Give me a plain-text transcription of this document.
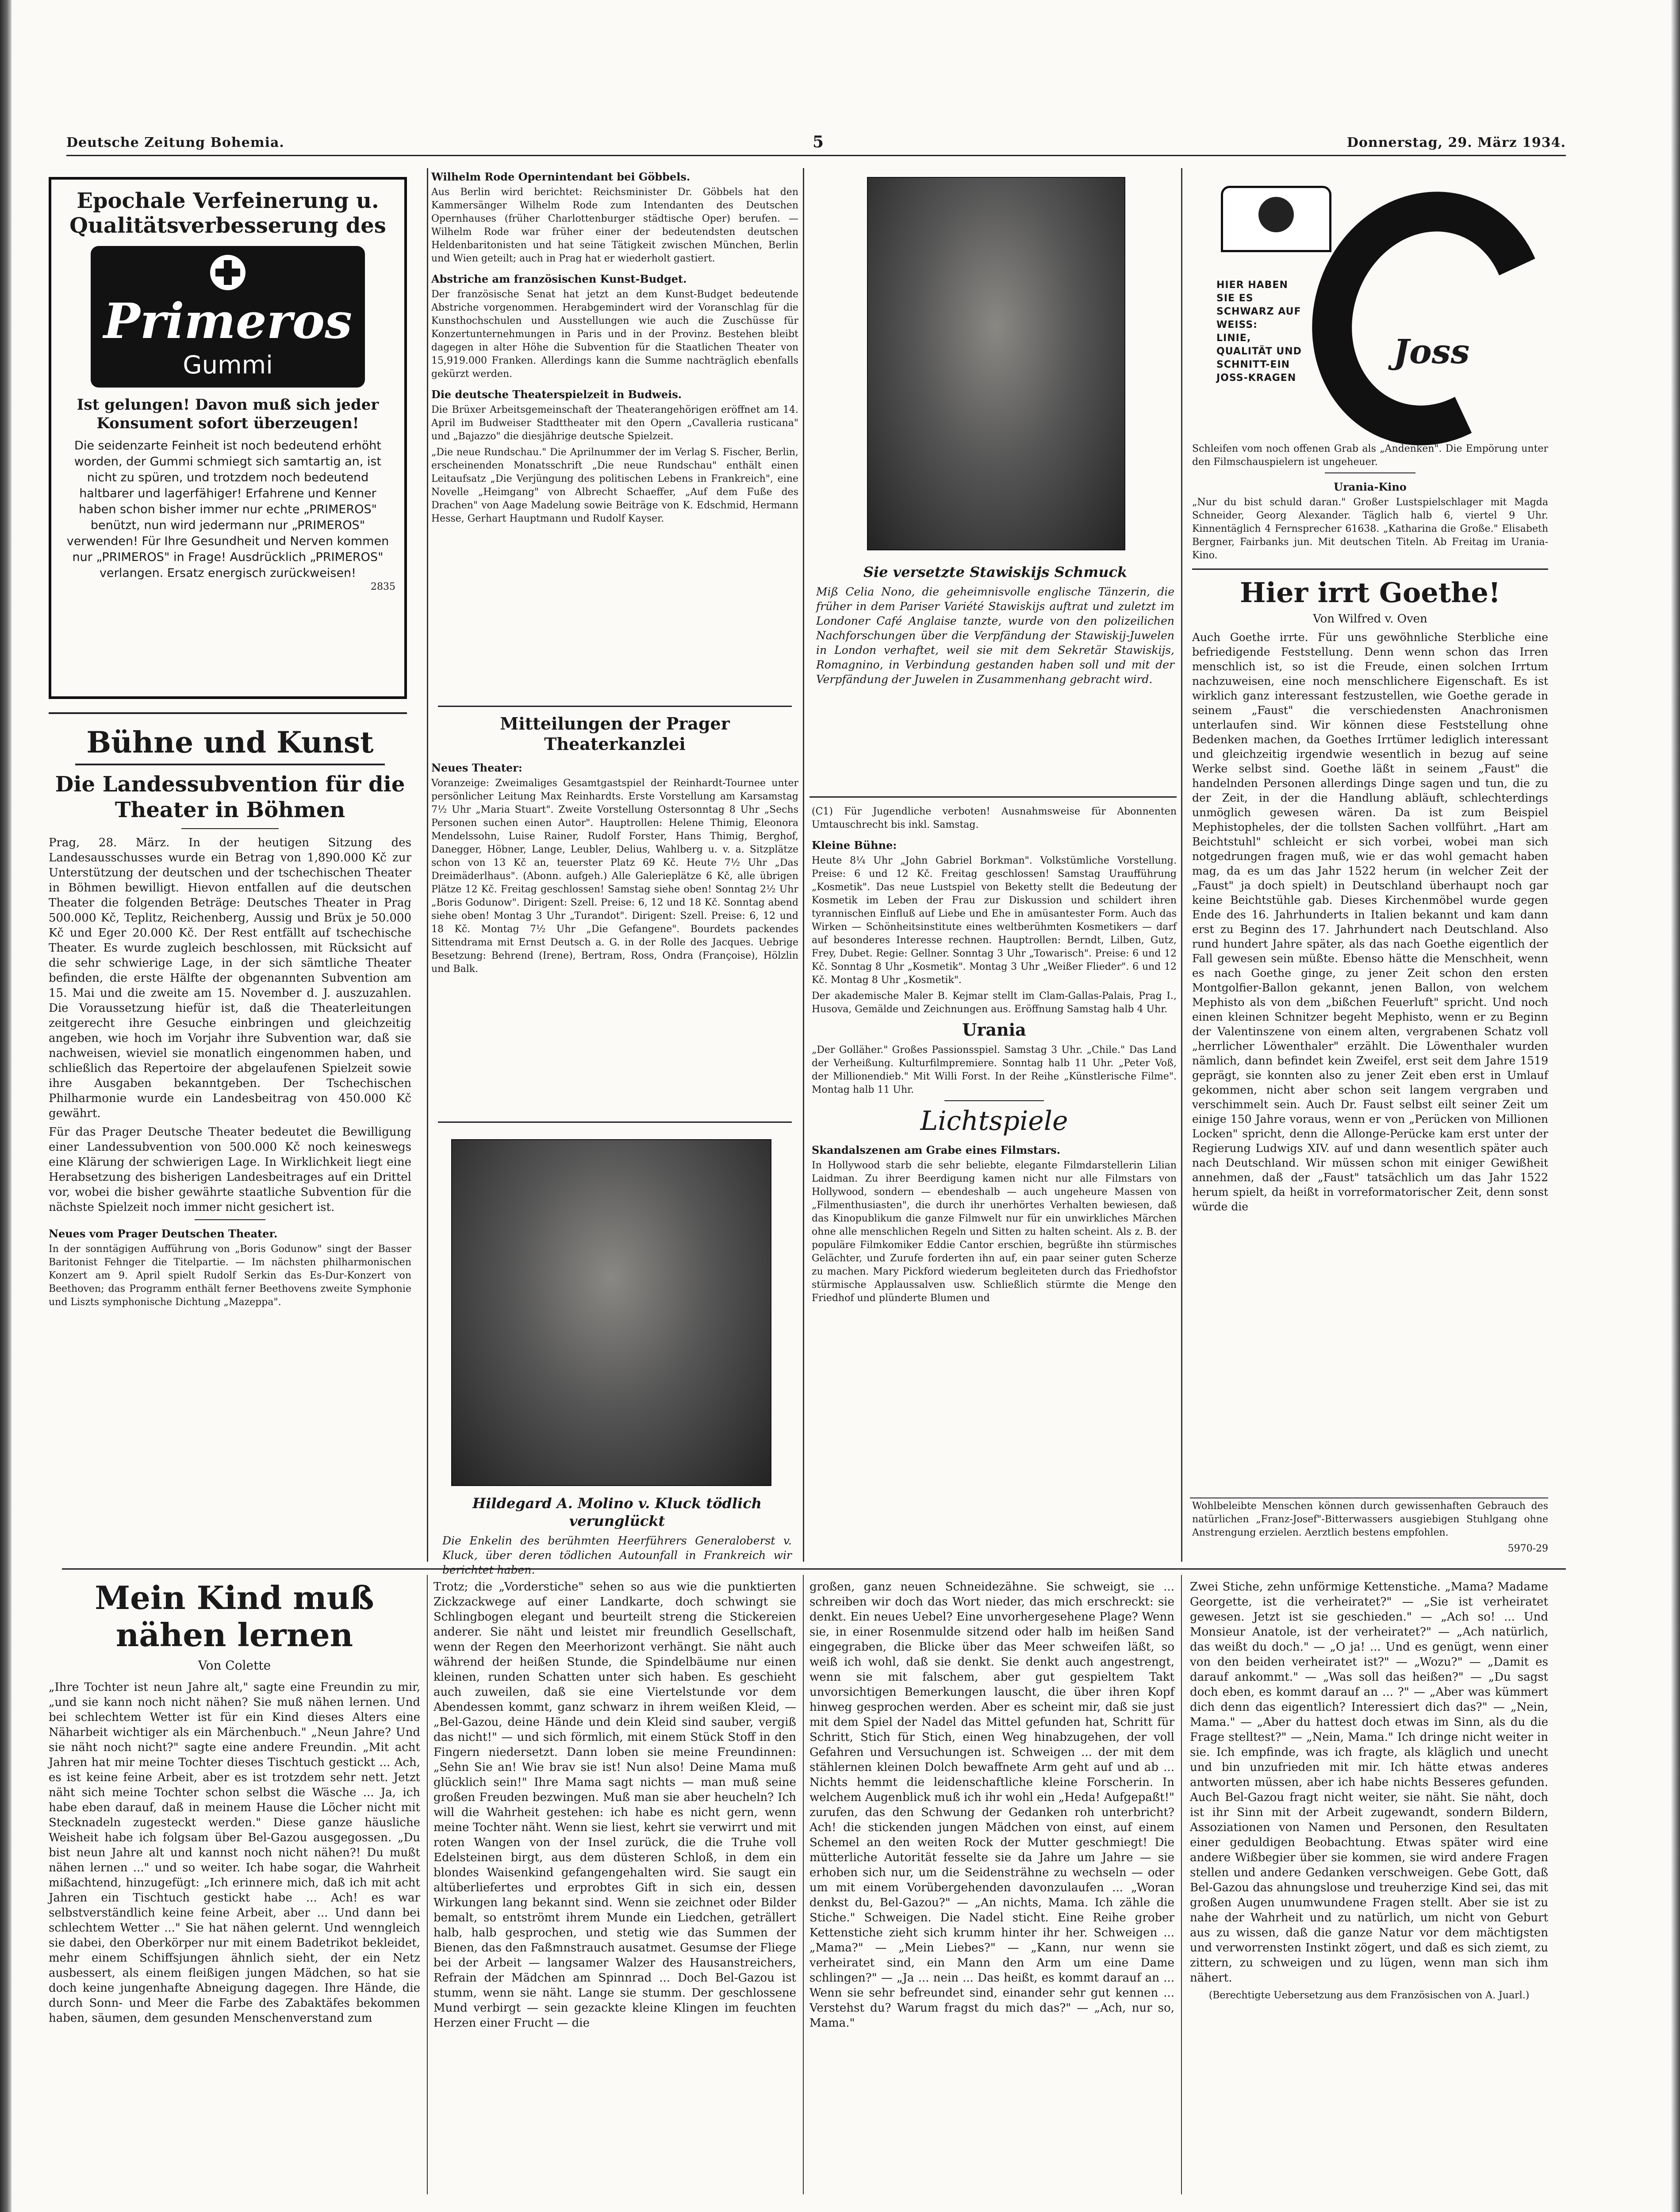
Deutsche Zeitung Bohemia.	5	Donnerstag, 29. März 1934.
Epochale Verfeinerung u. Qualitätsverbesserung des
Primeros
Gummi
Ist gelungen! Davon muß sich jeder Konsument sofort überzeugen!
Die seidenzarte Feinheit ist noch bedeutend erhöht worden, der Gummi schmiegt sich samtartig an, ist nicht zu spüren, und trotzdem noch bedeutend haltbarer und lagerfähiger! Erfahrene und Kenner haben schon bisher immer nur echte „PRIMEROS" benützt, nun wird jedermann nur „PRIMEROS" verwenden! Für Ihre Gesundheit und Nerven kommen nur „PRIMEROS" in Frage! Ausdrücklich „PRIMEROS" verlangen. Ersatz energisch zurückweisen!
2835

Bühne und Kunst

Die Landessubvention für die Theater in Böhmen

Prag, 28. März. In der heutigen Sitzung des Landesausschusses wurde ein Betrag von 1,890.000 Kč zur Unterstützung der deutschen und der tschechischen Theater in Böhmen bewilligt. Hievon entfallen auf die deutschen Theater die folgenden Beträge: Deutsches Theater in Prag 500.000 Kč, Teplitz, Reichenberg, Aussig und Brüx je 50.000 Kč und Eger 20.000 Kč. Der Rest entfällt auf tschechische Theater. Es wurde zugleich beschlossen, mit Rücksicht auf die sehr schwierige Lage, in der sich sämtliche Theater befinden, die erste Hälfte der obgenannten Subvention am 15. Mai und die zweite am 15. November d. J. auszuzahlen. Die Voraussetzung hiefür ist, daß die Theaterleitungen zeitgerecht ihre Gesuche einbringen und gleichzeitig angeben, wie hoch im Vorjahr ihre Subvention war, daß sie nachweisen, wieviel sie monatlich eingenommen haben, und schließlich das Repertoire der abgelaufenen Spielzeit sowie ihre Ausgaben bekanntgeben. Der Tschechischen Philharmonie wurde ein Landesbeitrag von 450.000 Kč gewährt.

Für das Prager Deutsche Theater bedeutet die Bewilligung einer Landessubvention von 500.000 Kč noch keineswegs eine Klärung der schwierigen Lage. In Wirklichkeit liegt eine Herabsetzung des bisherigen Landesbeitrages auf ein Drittel vor, wobei die bisher gewährte staatliche Subvention für die nächste Spielzeit noch immer nicht gesichert ist.

Neues vom Prager Deutschen Theater.

In der sonntägigen Aufführung von „Boris Godunow" singt der Basser Baritonist Fehnger die Titelpartie. — Im nächsten philharmonischen Konzert am 9. April spielt Rudolf Serkin das Es-Dur-Konzert von Beethoven; das Programm enthält ferner Beethovens zweite Symphonie und Liszts symphonische Dichtung „Mazeppa".

Wilhelm Rode Opernintendant bei Göbbels.

Aus Berlin wird berichtet: Reichsminister Dr. Göbbels hat den Kammersänger Wilhelm Rode zum Intendanten des Deutschen Opernhauses (früher Charlottenburger städtische Oper) berufen. — Wilhelm Rode war früher einer der bedeutendsten deutschen Heldenbaritonisten und hat seine Tätigkeit zwischen München, Berlin und Wien geteilt; auch in Prag hat er wiederholt gastiert.

Abstriche am französischen Kunst-Budget.

Der französische Senat hat jetzt an dem Kunst-Budget bedeutende Abstriche vorgenommen. Herabgemindert wird der Voranschlag für die Kunsthochschulen und Ausstellungen wie auch die Zuschüsse für Konzertunternehmungen in Paris und in der Provinz. Bestehen bleibt dagegen in alter Höhe die Subvention für die Staatlichen Theater von 15,919.000 Franken. Allerdings kann die Summe nachträglich ebenfalls gekürzt werden.

Die deutsche Theaterspielzeit in Budweis.

Die Brüxer Arbeitsgemeinschaft der Theaterangehörigen eröffnet am 14. April im Budweiser Stadttheater mit den Opern „Cavalleria rusticana" und „Bajazzo" die diesjährige deutsche Spielzeit.

„Die neue Rundschau." Die Aprilnummer der im Verlag S. Fischer, Berlin, erscheinenden Monatsschrift „Die neue Rundschau" enthält einen Leitaufsatz „Die Verjüngung des politischen Lebens in Frankreich", eine Novelle „Heimgang" von Albrecht Schaeffer, „Auf dem Fuße des Drachen" von Aage Madelung sowie Beiträge von K. Edschmid, Hermann Hesse, Gerhart Hauptmann und Rudolf Kayser.

Mitteilungen der Prager Theaterkanzlei

Neues Theater:

Voranzeige: Zweimaliges Gesamtgastspiel der Reinhardt-Tournee unter persönlicher Leitung Max Reinhardts. Erste Vorstellung am Karsamstag 7½ Uhr „Maria Stuart". Zweite Vorstellung Ostersonntag 8 Uhr „Sechs Personen suchen einen Autor". Hauptrollen: Helene Thimig, Eleonora Mendelssohn, Luise Rainer, Rudolf Forster, Hans Thimig, Berghof, Danegger, Höbner, Lange, Leubler, Delius, Wahlberg u. v. a. Sitzplätze schon von 13 Kč an, teuerster Platz 69 Kč. Heute 7½ Uhr „Das Dreimäderlhaus". (Abonn. aufgeh.) Alle Galerieplätze 6 Kč, alle übrigen Plätze 12 Kč. Freitag geschlossen! Samstag siehe oben! Sonntag 2½ Uhr „Boris Godunow". Dirigent: Szell. Preise: 6, 12 und 18 Kč. Sonntag abend siehe oben! Montag 3 Uhr „Turandot". Dirigent: Szell. Preise: 6, 12 und 18 Kč. Montag 7½ Uhr „Die Gefangene". Bourdets packendes Sittendrama mit Ernst Deutsch a. G. in der Rolle des Jacques. Uebrige Besetzung: Behrend (Irene), Bertram, Ross, Ondra (Françoise), Hölzlin und Balk.

Hildegard A. Molino v. Kluck tödlich verunglückt

Die Enkelin des berühmten Heerführers Generaloberst v. Kluck, über deren tödlichen Autounfall in Frankreich wir berichtet haben.

Sie versetzte Stawiskijs Schmuck

Miß Celia Nono, die geheimnisvolle englische Tänzerin, die früher in dem Pariser Variété Stawiskijs auftrat und zuletzt im Londoner Café Anglaise tanzte, wurde von den polizeilichen Nachforschungen über die Verpfändung der Stawiskij-Juwelen in London verhaftet, weil sie mit dem Sekretär Stawiskijs, Romagnino, in Verbindung gestanden haben soll und mit der Verpfändung der Juwelen in Zusammenhang gebracht wird.

(C1) Für Jugendliche verboten! Ausnahmsweise für Abonnenten Umtauschrecht bis inkl. Samstag.

Kleine Bühne:

Heute 8¼ Uhr „John Gabriel Borkman". Volkstümliche Vorstellung. Preise: 6 und 12 Kč. Freitag geschlossen! Samstag Uraufführung „Kosmetik". Das neue Lustspiel von Beketty stellt die Bedeutung der Kosmetik im Leben der Frau zur Diskussion und schildert ihren tyrannischen Einfluß auf Liebe und Ehe in amüsantester Form. Auch das Wirken — Schönheitsinstitute eines weltberühmten Kosmetikers — darf auf besonderes Interesse rechnen. Hauptrollen: Berndt, Lilben, Gutz, Frey, Dubet. Regie: Gellner. Sonntag 3 Uhr „Towarisch". Preise: 6 und 12 Kč. Sonntag 8 Uhr „Kosmetik". Montag 3 Uhr „Weißer Flieder". 6 und 12 Kč. Montag 8 Uhr „Kosmetik".

Der akademische Maler B. Kejmar stellt im Clam-Gallas-Palais, Prag I., Husova, Gemälde und Zeichnungen aus. Eröffnung Samstag halb 4 Uhr.

Urania

„Der Golläher." Großes Passionsspiel. Samstag 3 Uhr. „Chile." Das Land der Verheißung. Kulturfilmpremiere. Sonntag halb 11 Uhr. „Peter Voß, der Millionendieb." Mit Willi Forst. In der Reihe „Künstlerische Filme". Montag halb 11 Uhr.

Lichtspiele

Skandalszenen am Grabe eines Filmstars.

In Hollywood starb die sehr beliebte, elegante Filmdarstellerin Lilian Laidman. Zu ihrer Beerdigung kamen nicht nur alle Filmstars von Hollywood, sondern — ebendeshalb — auch ungeheure Massen von „Filmenthusiasten", die durch ihr unerhörtes Verhalten bewiesen, daß das Kinopublikum die ganze Filmwelt nur für ein unwirkliches Märchen ohne alle menschlichen Regeln und Sitten zu halten scheint. Als z. B. der populäre Filmkomiker Eddie Cantor erschien, begrüßte ihn stürmisches Gelächter, und Zurufe forderten ihn auf, ein paar seiner guten Scherze zu machen. Mary Pickford wiederum begleiteten durch das Friedhofstor stürmische Applaussalven usw. Schließlich stürmte die Menge den Friedhof und plünderte Blumen und

HIER HABEN
SIE ES
SCHWARZ AUF
WEISS:
LINIE,
QUALITÄT UND
SCHNITT-EIN
JOSS-KRAGEN
Joss

Schleifen vom noch offenen Grab als „Andenken". Die Empörung unter den Filmschauspielern ist ungeheuer.

Urania-Kino

„Nur du bist schuld daran." Großer Lustspielschlager mit Magda Schneider, Georg Alexander. Täglich halb 6, viertel 9 Uhr. Kinnentäglich 4 Fernsprecher 61638. „Katharina die Große." Elisabeth Bergner, Fairbanks jun. Mit deutschen Titeln. Ab Freitag im Urania-Kino.

Hier irrt Goethe!

Von Wilfred v. Oven

Auch Goethe irrte. Für uns gewöhnliche Sterbliche eine befriedigende Feststellung. Denn wenn schon das Irren menschlich ist, so ist die Freude, einen solchen Irrtum nachzuweisen, eine noch menschlichere Eigenschaft. Es ist wirklich ganz interessant festzustellen, wie Goethe gerade in seinem „Faust" die verschiedensten Anachronismen unterlaufen sind. Wir können diese Feststellung ohne Bedenken machen, da Goethes Irrtümer lediglich interessant und gleichzeitig irgendwie wesentlich in bezug auf seine Werke selbst sind. Goethe läßt in seinem „Faust" die handelnden Personen allerdings Dinge sagen und tun, die zu der Zeit, in der die Handlung abläuft, schlechterdings unmöglich gewesen wären. Da ist zum Beispiel Mephistopheles, der die tollsten Sachen vollführt. „Hart am Beichtstuhl" schleicht er sich vorbei, wobei man sich notgedrungen fragen muß, wie er das wohl gemacht haben mag, da es um das Jahr 1522 herum (in welcher Zeit der „Faust" ja doch spielt) in Deutschland überhaupt noch gar keine Beichtstühle gab. Dieses Kirchenmöbel wurde gegen Ende des 16. Jahrhunderts in Italien bekannt und kam dann erst zu Beginn des 17. Jahrhundert nach Deutschland. Also rund hundert Jahre später, als das nach Goethe eigentlich der Fall gewesen sein müßte. Ebenso hätte die Menschheit, wenn es nach Goethe ginge, zu jener Zeit schon den ersten Montgolfier-Ballon gekannt, jenen Ballon, von welchem Mephisto als von dem „bißchen Feuerluft" spricht. Und noch einen kleinen Schnitzer begeht Mephisto, wenn er zu Beginn der Valentinszene von einem alten, vergrabenen Schatz voll „herrlicher Löwenthaler" erzählt. Die Löwenthaler wurden nämlich, dann befindet kein Zweifel, erst seit dem Jahre 1519 geprägt, sie konnten also zu jener Zeit eben erst in Umlauf gekommen, nicht aber schon seit langem vergraben und verschimmelt sein. Auch Dr. Faust selbst eilt seiner Zeit um einige 150 Jahre voraus, wenn er von „Perücken von Millionen Locken" spricht, denn die Allonge-Perücke kam erst unter der Regierung Ludwigs XIV. auf und dann wesentlich später auch nach Deutschland. Wir müssen schon mit einiger Gewißheit annehmen, daß der „Faust" tatsächlich um das Jahr 1522 herum spielt, da heißt in vorreformatorischer Zeit, denn sonst würde die

Wohlbeleibte Menschen können durch gewissenhaften Gebrauch des natürlichen „Franz-Josef"-Bitterwassers ausgiebigen Stuhlgang ohne Anstrengung erzielen. Aerztlich bestens empfohlen.

5970-29

Mein Kind muß nähen lernen

Von Colette

„Ihre Tochter ist neun Jahre alt," sagte eine Freundin zu mir, „und sie kann noch nicht nähen? Sie muß nähen lernen. Und bei schlechtem Wetter ist für ein Kind dieses Alters eine Näharbeit wichtiger als ein Märchenbuch." „Neun Jahre? Und sie näht noch nicht?" sagte eine andere Freundin. „Mit acht Jahren hat mir meine Tochter dieses Tischtuch gestickt ... Ach, es ist keine feine Arbeit, aber es ist trotzdem sehr nett. Jetzt näht sich meine Tochter schon selbst die Wäsche ... Ja, ich habe eben darauf, daß in meinem Hause die Löcher nicht mit Stecknadeln zugesteckt werden." Diese ganze häusliche Weisheit habe ich folgsam über Bel-Gazou ausgegossen. „Du bist neun Jahre alt und kannst noch nicht nähen?! Du mußt nähen lernen ..." und so weiter. Ich habe sogar, die Wahrheit mißachtend, hinzugefügt: „Ich erinnere mich, daß ich mit acht Jahren ein Tischtuch gestickt habe ... Ach! es war selbstverständlich keine feine Arbeit, aber ... Und dann bei schlechtem Wetter ..." Sie hat nähen gelernt. Und wenngleich sie dabei, den Oberkörper nur mit einem Badetrikot bekleidet, mehr einem Schiffsjungen ähnlich sieht, der ein Netz ausbessert, als einem fleißigen jungen Mädchen, so hat sie doch keine jungenhafte Abneigung dagegen. Ihre Hände, die durch Sonn- und Meer die Farbe des Zabaktäfes bekommen haben, säumen, dem gesunden Menschenverstand zum

Trotz; die „Vorderstiche" sehen so aus wie die punktierten Zickzackwege auf einer Landkarte, doch schwingt sie Schlingbogen elegant und beurteilt streng die Stickereien anderer. Sie näht und leistet mir freundlich Gesellschaft, wenn der Regen den Meerhorizont verhängt. Sie näht auch während der heißen Stunde, die Spindelbäume nur einen kleinen, runden Schatten unter sich haben. Es geschieht auch zuweilen, daß sie eine Viertelstunde vor dem Abendessen kommt, ganz schwarz in ihrem weißen Kleid, — „Bel-Gazou, deine Hände und dein Kleid sind sauber, vergiß das nicht!" — und sich förmlich, mit einem Stück Stoff in den Fingern niedersetzt. Dann loben sie meine Freundinnen: „Sehn Sie an! Wie brav sie ist! Nun also! Deine Mama muß glücklich sein!" Ihre Mama sagt nichts — man muß seine großen Freuden bezwingen. Muß man sie aber heucheln? Ich will die Wahrheit gestehen: ich habe es nicht gern, wenn meine Tochter näht. Wenn sie liest, kehrt sie verwirrt und mit roten Wangen von der Insel zurück, die die Truhe voll Edelsteinen birgt, aus dem düsteren Schloß, in dem ein blondes Waisenkind gefangengehalten wird. Sie saugt ein altüberliefertes und erprobtes Gift in sich ein, dessen Wirkungen lang bekannt sind. Wenn sie zeichnet oder Bilder bemalt, so entströmt ihrem Munde ein Liedchen, geträllert halb, halb gesprochen, und stetig wie das Summen der Bienen, das den Faßmnstrauch ausatmet. Gesumse der Fliege bei der Arbeit — langsamer Walzer des Hausanstreichers, Refrain der Mädchen am Spinnrad ... Doch Bel-Gazou ist stumm, wenn sie näht. Lange sie stumm. Der geschlossene Mund verbirgt — sein gezackte kleine Klingen im feuchten Herzen einer Frucht — die

großen, ganz neuen Schneidezähne. Sie schweigt, sie ... schreiben wir doch das Wort nieder, das mich erschreckt: sie denkt. Ein neues Uebel? Eine unvorhergesehene Plage? Wenn sie, in einer Rosenmulde sitzend oder halb im heißen Sand eingegraben, die Blicke über das Meer schweifen läßt, so weiß ich wohl, daß sie denkt. Sie denkt auch angestrengt, wenn sie mit falschem, aber gut gespieltem Takt unvorsichtigen Bemerkungen lauscht, die über ihren Kopf hinweg gesprochen werden. Aber es scheint mir, daß sie just mit dem Spiel der Nadel das Mittel gefunden hat, Schritt für Schritt, Stich für Stich, einen Weg hinabzugehen, der voll Gefahren und Versuchungen ist. Schweigen ... der mit dem stählernen kleinen Dolch bewaffnete Arm geht auf und ab ... Nichts hemmt die leidenschaftliche kleine Forscherin. In welchem Augenblick muß ich ihr wohl ein „Heda! Aufgepaßt!" zurufen, das den Schwung der Gedanken roh unterbricht? Ach! die stickenden jungen Mädchen von einst, auf einem Schemel an den weiten Rock der Mutter geschmiegt! Die mütterliche Autorität fesselte sie da Jahre um Jahre — sie erhoben sich nur, um die Seidensträhne zu wechseln — oder um mit einem Vorübergehenden davonzulaufen ... „Woran denkst du, Bel-Gazou?" — „An nichts, Mama. Ich zähle die Stiche." Schweigen. Die Nadel sticht. Eine Reihe grober Kettenstiche zieht sich krumm hinter ihr her. Schweigen ... „Mama?" — „Mein Liebes?" — „Kann, nur wenn sie verheiratet sind, ein Mann den Arm um eine Dame schlingen?" — „Ja ... nein ... Das heißt, es kommt darauf an ... Wenn sie sehr befreundet sind, einander sehr gut kennen ... Verstehst du? Warum fragst du mich das?" — „Ach, nur so, Mama."

Zwei Stiche, zehn unförmige Kettenstiche. „Mama? Madame Georgette, ist die verheiratet?" — „Sie ist verheiratet gewesen. Jetzt ist sie geschieden." — „Ach so! ... Und Monsieur Anatole, ist der verheiratet?" — „Ach natürlich, das weißt du doch." — „O ja! ... Und es genügt, wenn einer von den beiden verheiratet ist?" — „Wozu?" — „Damit es darauf ankommt." — „Was soll das heißen?" — „Du sagst doch eben, es kommt darauf an ... ?" — „Aber was kümmert dich denn das eigentlich? Interessiert dich das?" — „Nein, Mama." — „Aber du hattest doch etwas im Sinn, als du die Frage stelltest?" — „Nein, Mama." Ich dringe nicht weiter in sie. Ich empfinde, was ich fragte, als kläglich und unecht und bin unzufrieden mit mir. Ich hätte etwas anderes antworten müssen, aber ich habe nichts Besseres gefunden. Auch Bel-Gazou fragt nicht weiter, sie näht. Sie näht, doch ist ihr Sinn mit der Arbeit zugewandt, sondern Bildern, Assoziationen von Namen und Personen, den Resultaten einer geduldigen Beobachtung. Etwas später wird eine andere Wißbegier über sie kommen, sie wird andere Fragen stellen und andere Gedanken verschweigen. Gebe Gott, daß Bel-Gazou das ahnungslose und treuherzige Kind sei, das mit großen Augen unumwundene Fragen stellt. Aber sie ist zu nahe der Wahrheit und zu natürlich, um nicht von Geburt aus zu wissen, daß die ganze Natur vor dem mächtigsten und verworrensten Instinkt zögert, und daß es sich ziemt, zu zittern, zu schweigen und zu lügen, wenn man sich ihm nähert.

(Berechtigte Uebersetzung aus dem Französischen von A. Juarl.)
